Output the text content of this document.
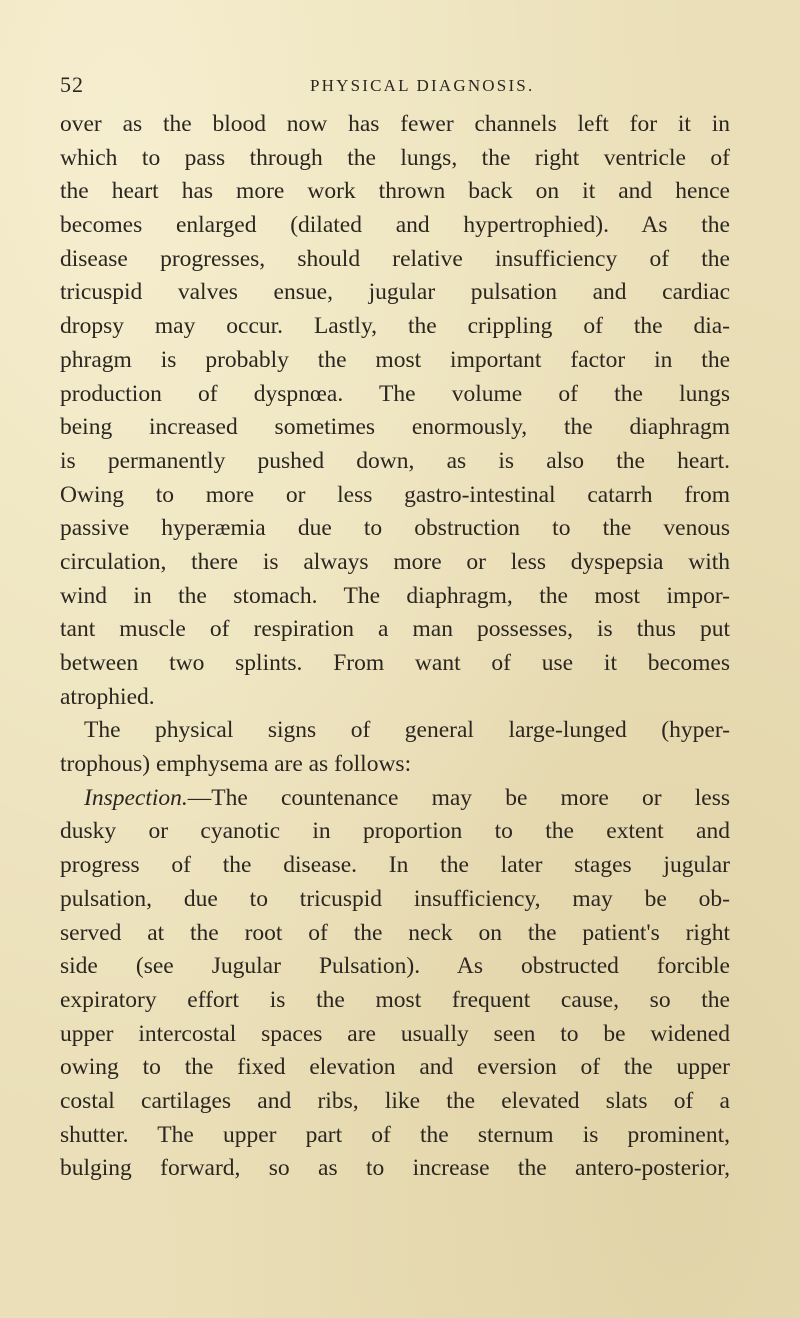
52	PHYSICAL DIAGNOSIS.
over as the blood now has fewer channels left for it in
which to pass through the lungs, the right ventricle of
the heart has more work thrown back on it and hence
becomes enlarged (dilated and hypertrophied). As the
disease progresses, should relative insufficiency of the
tricuspid valves ensue, jugular pulsation and cardiac
dropsy may occur. Lastly, the crippling of the dia-
phragm is probably the most important factor in the
production of dyspnœa. The volume of the lungs
being increased sometimes enormously, the diaphragm
is permanently pushed down, as is also the heart.
Owing to more or less gastro-intestinal catarrh from
passive hyperæmia due to obstruction to the venous
circulation, there is always more or less dyspepsia with
wind in the stomach. The diaphragm, the most impor-
tant muscle of respiration a man possesses, is thus put
between two splints. From want of use it becomes
atrophied.
The physical signs of general large-lunged (hyper-
trophous) emphysema are as follows:
Inspection.—The countenance may be more or less
dusky or cyanotic in proportion to the extent and
progress of the disease. In the later stages jugular
pulsation, due to tricuspid insufficiency, may be ob-
served at the root of the neck on the patient's right
side (see Jugular Pulsation). As obstructed forcible
expiratory effort is the most frequent cause, so the
upper intercostal spaces are usually seen to be widened
owing to the fixed elevation and eversion of the upper
costal cartilages and ribs, like the elevated slats of a
shutter. The upper part of the sternum is prominent,
bulging forward, so as to increase the antero-posterior,
